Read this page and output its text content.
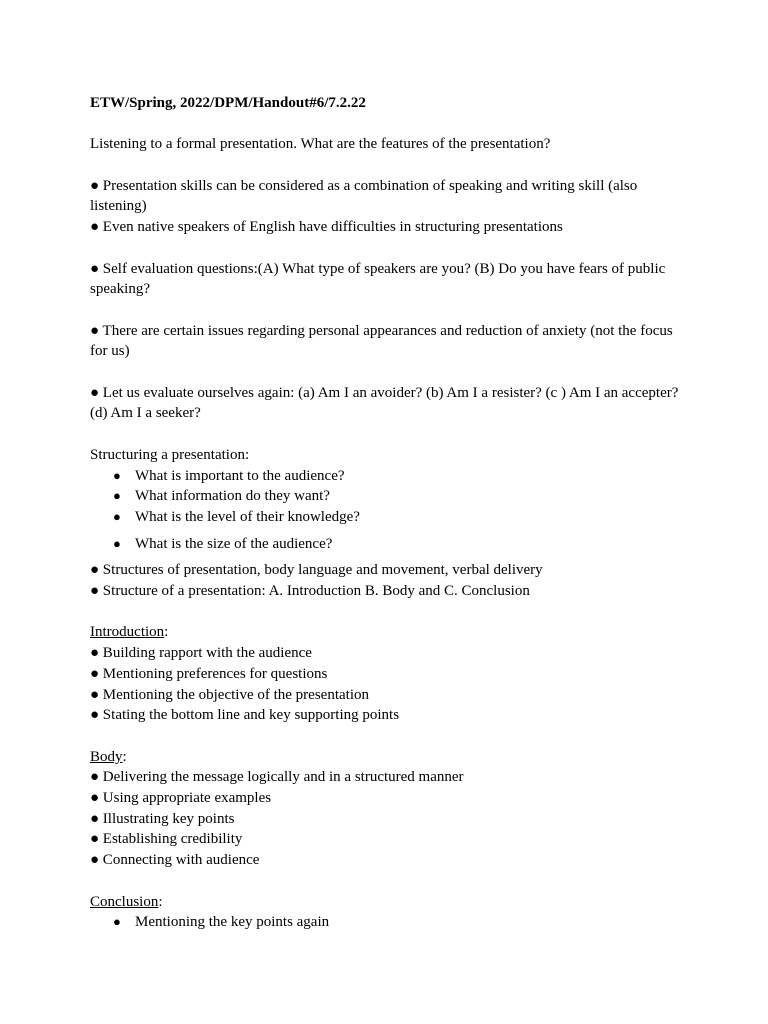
ETW/Spring, 2022/DPM/Handout#6/7.2.22

Listening to a formal presentation. What are the features of the presentation?

● Presentation skills can be considered as a combination of speaking and writing skill (also listening)

● Even native speakers of English have difficulties in structuring presentations

● Self evaluation questions:(A) What type of speakers are you? (B) Do you have fears of public speaking?

● There are certain issues regarding personal appearances and reduction of anxiety (not the focus for us)

● Let us evaluate ourselves again: (a) Am I an avoider? (b) Am I a resister? (c ) Am I an accepter? (d) Am I a seeker?

Structuring a presentation:

● What is important to the audience?
● What information do they want?
● What is the level of their knowledge?
● What is the size of the audience?

● Structures of presentation, body language and movement, verbal delivery

● Structure of a presentation: A. Introduction B. Body and C. Conclusion

Introduction:

● Building rapport with the audience

● Mentioning preferences for questions

● Mentioning the objective of the presentation

● Stating the bottom line and key supporting points

Body:

● Delivering the message logically and in a structured manner

● Using appropriate examples

● Illustrating key points

● Establishing credibility

● Connecting with audience

Conclusion:

● Mentioning the key points again
